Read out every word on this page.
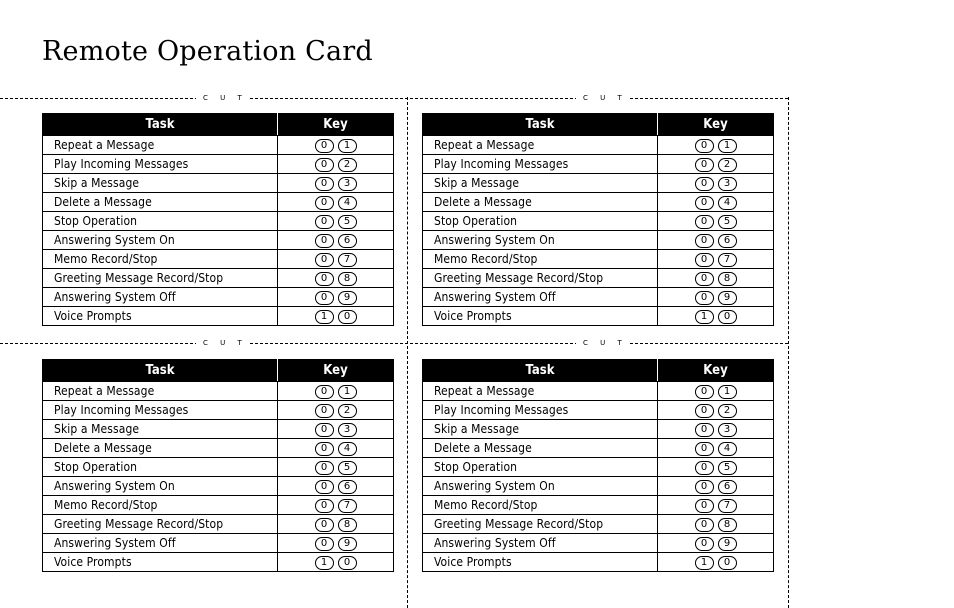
Remote Operation Card
C U T	C U T
C U T	C U T
Task	Key
Repeat a Message	0 1
Play Incoming Messages	0 2
Skip a Message	0 3
Delete a Message	0 4
Stop Operation	0 5
Answering System On	0 6
Memo Record/Stop	0 7
Greeting Message Record/Stop	0 8
Answering System Off	0 9
Voice Prompts	1 0
Task	Key
Repeat a Message	0 1
Play Incoming Messages	0 2
Skip a Message	0 3
Delete a Message	0 4
Stop Operation	0 5
Answering System On	0 6
Memo Record/Stop	0 7
Greeting Message Record/Stop	0 8
Answering System Off	0 9
Voice Prompts	1 0
Task	Key
Repeat a Message	0 1
Play Incoming Messages	0 2
Skip a Message	0 3
Delete a Message	0 4
Stop Operation	0 5
Answering System On	0 6
Memo Record/Stop	0 7
Greeting Message Record/Stop	0 8
Answering System Off	0 9
Voice Prompts	1 0
Task	Key
Repeat a Message	0 1
Play Incoming Messages	0 2
Skip a Message	0 3
Delete a Message	0 4
Stop Operation	0 5
Answering System On	0 6
Memo Record/Stop	0 7
Greeting Message Record/Stop	0 8
Answering System Off	0 9
Voice Prompts	1 0
